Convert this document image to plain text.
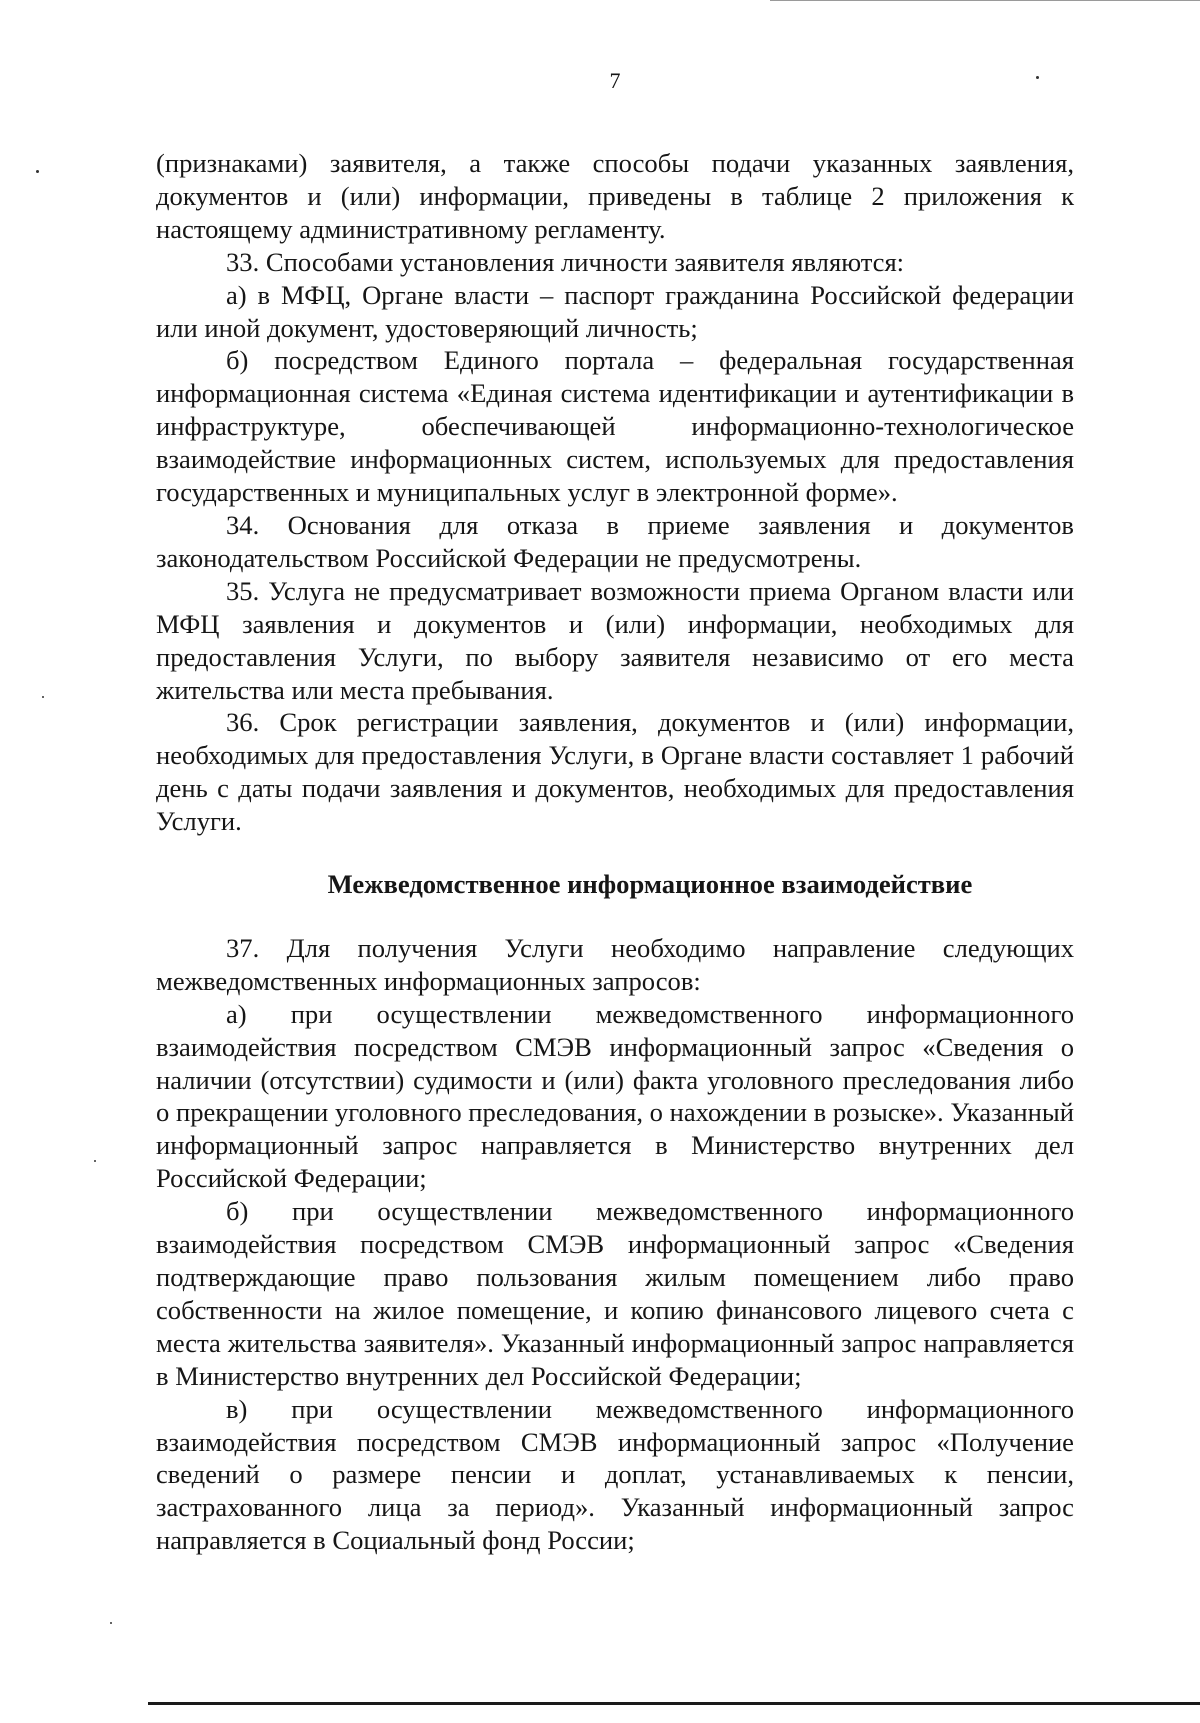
7

(признаками) заявителя, а также способы подачи указанных заявления, документов и (или) информации, приведены в таблице 2 приложения к настоящему административному регламенту.

33. Способами установления личности заявителя являются:

а) в МФЦ, Органе власти – паспорт гражданина Российской федерации или иной документ, удостоверяющий личность;

б) посредством Единого портала – федеральная государственная информационная система «Единая система идентификации и аутентификации в инфраструктуре, обеспечивающей информационно-технологическое взаимодействие информационных систем, используемых для предоставления государственных и муниципальных услуг в электронной форме».

34. Основания для отказа в приеме заявления и документов законодательством Российской Федерации не предусмотрены.

35. Услуга не предусматривает возможности приема Органом власти или МФЦ заявления и документов и (или) информации, необходимых для предоставления Услуги, по выбору заявителя независимо от его места жительства или места пребывания.

36. Срок регистрации заявления, документов и (или) информации, необходимых для предоставления Услуги, в Органе власти составляет 1 рабочий день с даты подачи заявления и документов, необходимых для предоставления Услуги.

Межведомственное информационное взаимодействие

37. Для получения Услуги необходимо направление следующих межведомственных информационных запросов:

а) при осуществлении межведомственного информационного взаимодействия посредством СМЭВ информационный запрос «Сведения о наличии (отсутствии) судимости и (или) факта уголовного преследования либо о прекращении уголовного преследования, о нахождении в розыске». Указанный информационный запрос направляется в Министерство внутренних дел Российской Федерации;

б) при осуществлении межведомственного информационного взаимодействия посредством СМЭВ информационный запрос «Сведения подтверждающие право пользования жилым помещением либо право собственности на жилое помещение, и копию финансового лицевого счета с места жительства заявителя». Указанный информационный запрос направляется в Министерство внутренних дел Российской Федерации;

в) при осуществлении межведомственного информационного взаимодействия посредством СМЭВ информационный запрос «Получение сведений о размере пенсии и доплат, устанавливаемых к пенсии, застрахованного лица за период». Указанный информационный запрос направляется в Социальный фонд России;
